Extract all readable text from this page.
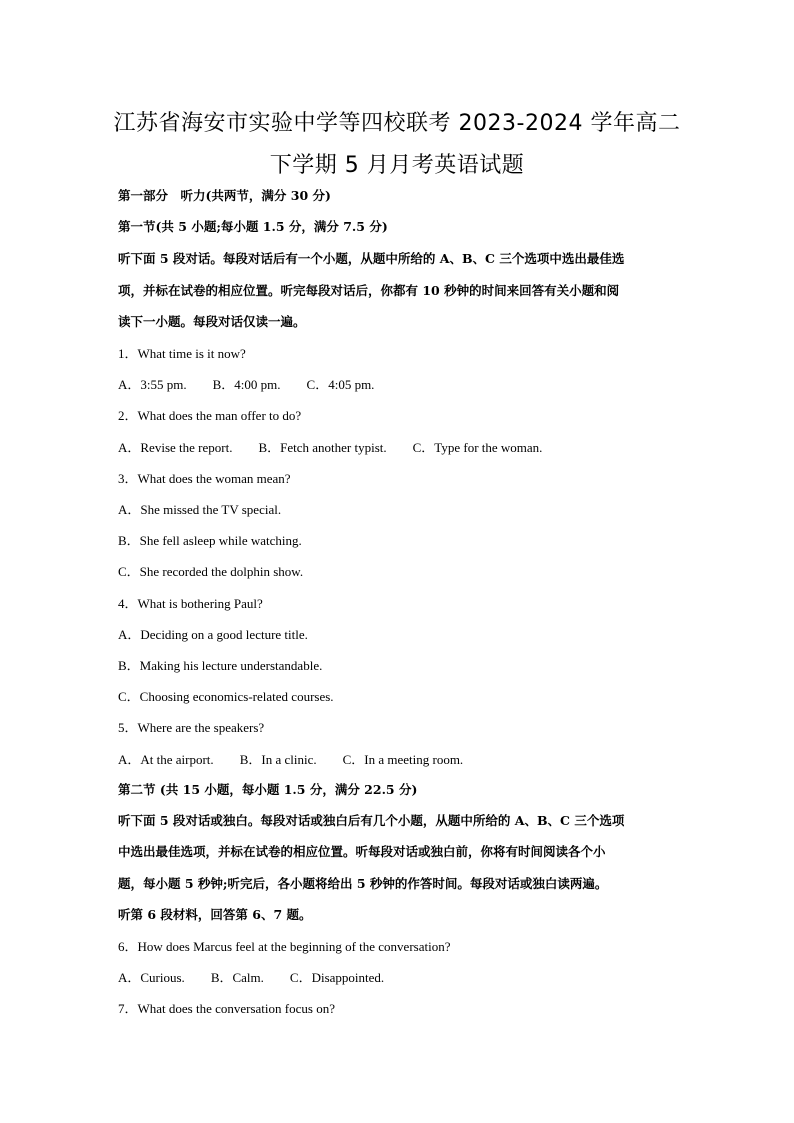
江苏省海安市实验中学等四校联考 2023-2024 学年高二
下学期 5 月月考英语试题
第一部分　听力(共两节，满分 30 分)
第一节(共 5 小题;每小题 1.5 分，满分 7.5 分)
听下面 5 段对话。每段对话后有一个小题，从题中所给的 A、B、C 三个选项中选出最佳选
项，并标在试卷的相应位置。听完每段对话后，你都有 10 秒钟的时间来回答有关小题和阅
读下一小题。每段对话仅读一遍。
1．What time is it now?
A．3:55 pm. B．4:00 pm. C．4:05 pm.
2．What does the man offer to do?
A．Revise the report. B．Fetch another typist. C．Type for the woman.
3．What does the woman mean?
A．She missed the TV special.
B．She fell asleep while watching.
C．She recorded the dolphin show.
4．What is bothering Paul?
A．Deciding on a good lecture title.
B．Making his lecture understandable.
C．Choosing economics-related courses.
5．Where are the speakers?
A．At the airport. B．In a clinic. C．In a meeting room.
第二节 (共 15 小题，每小题 1.5 分，满分 22.5 分)
听下面 5 段对话或独白。每段对话或独白后有几个小题，从题中所给的 A、B、C 三个选项
中选出最佳选项，并标在试卷的相应位置。听每段对话或独白前，你将有时间阅读各个小
题，每小题 5 秒钟;听完后，各小题将给出 5 秒钟的作答时间。每段对话或独白读两遍。
听第 6 段材料，回答第 6、7 题。
6．How does Marcus feel at the beginning of the conversation?
A．Curious. B．Calm. C．Disappointed.
7．What does the conversation focus on?
